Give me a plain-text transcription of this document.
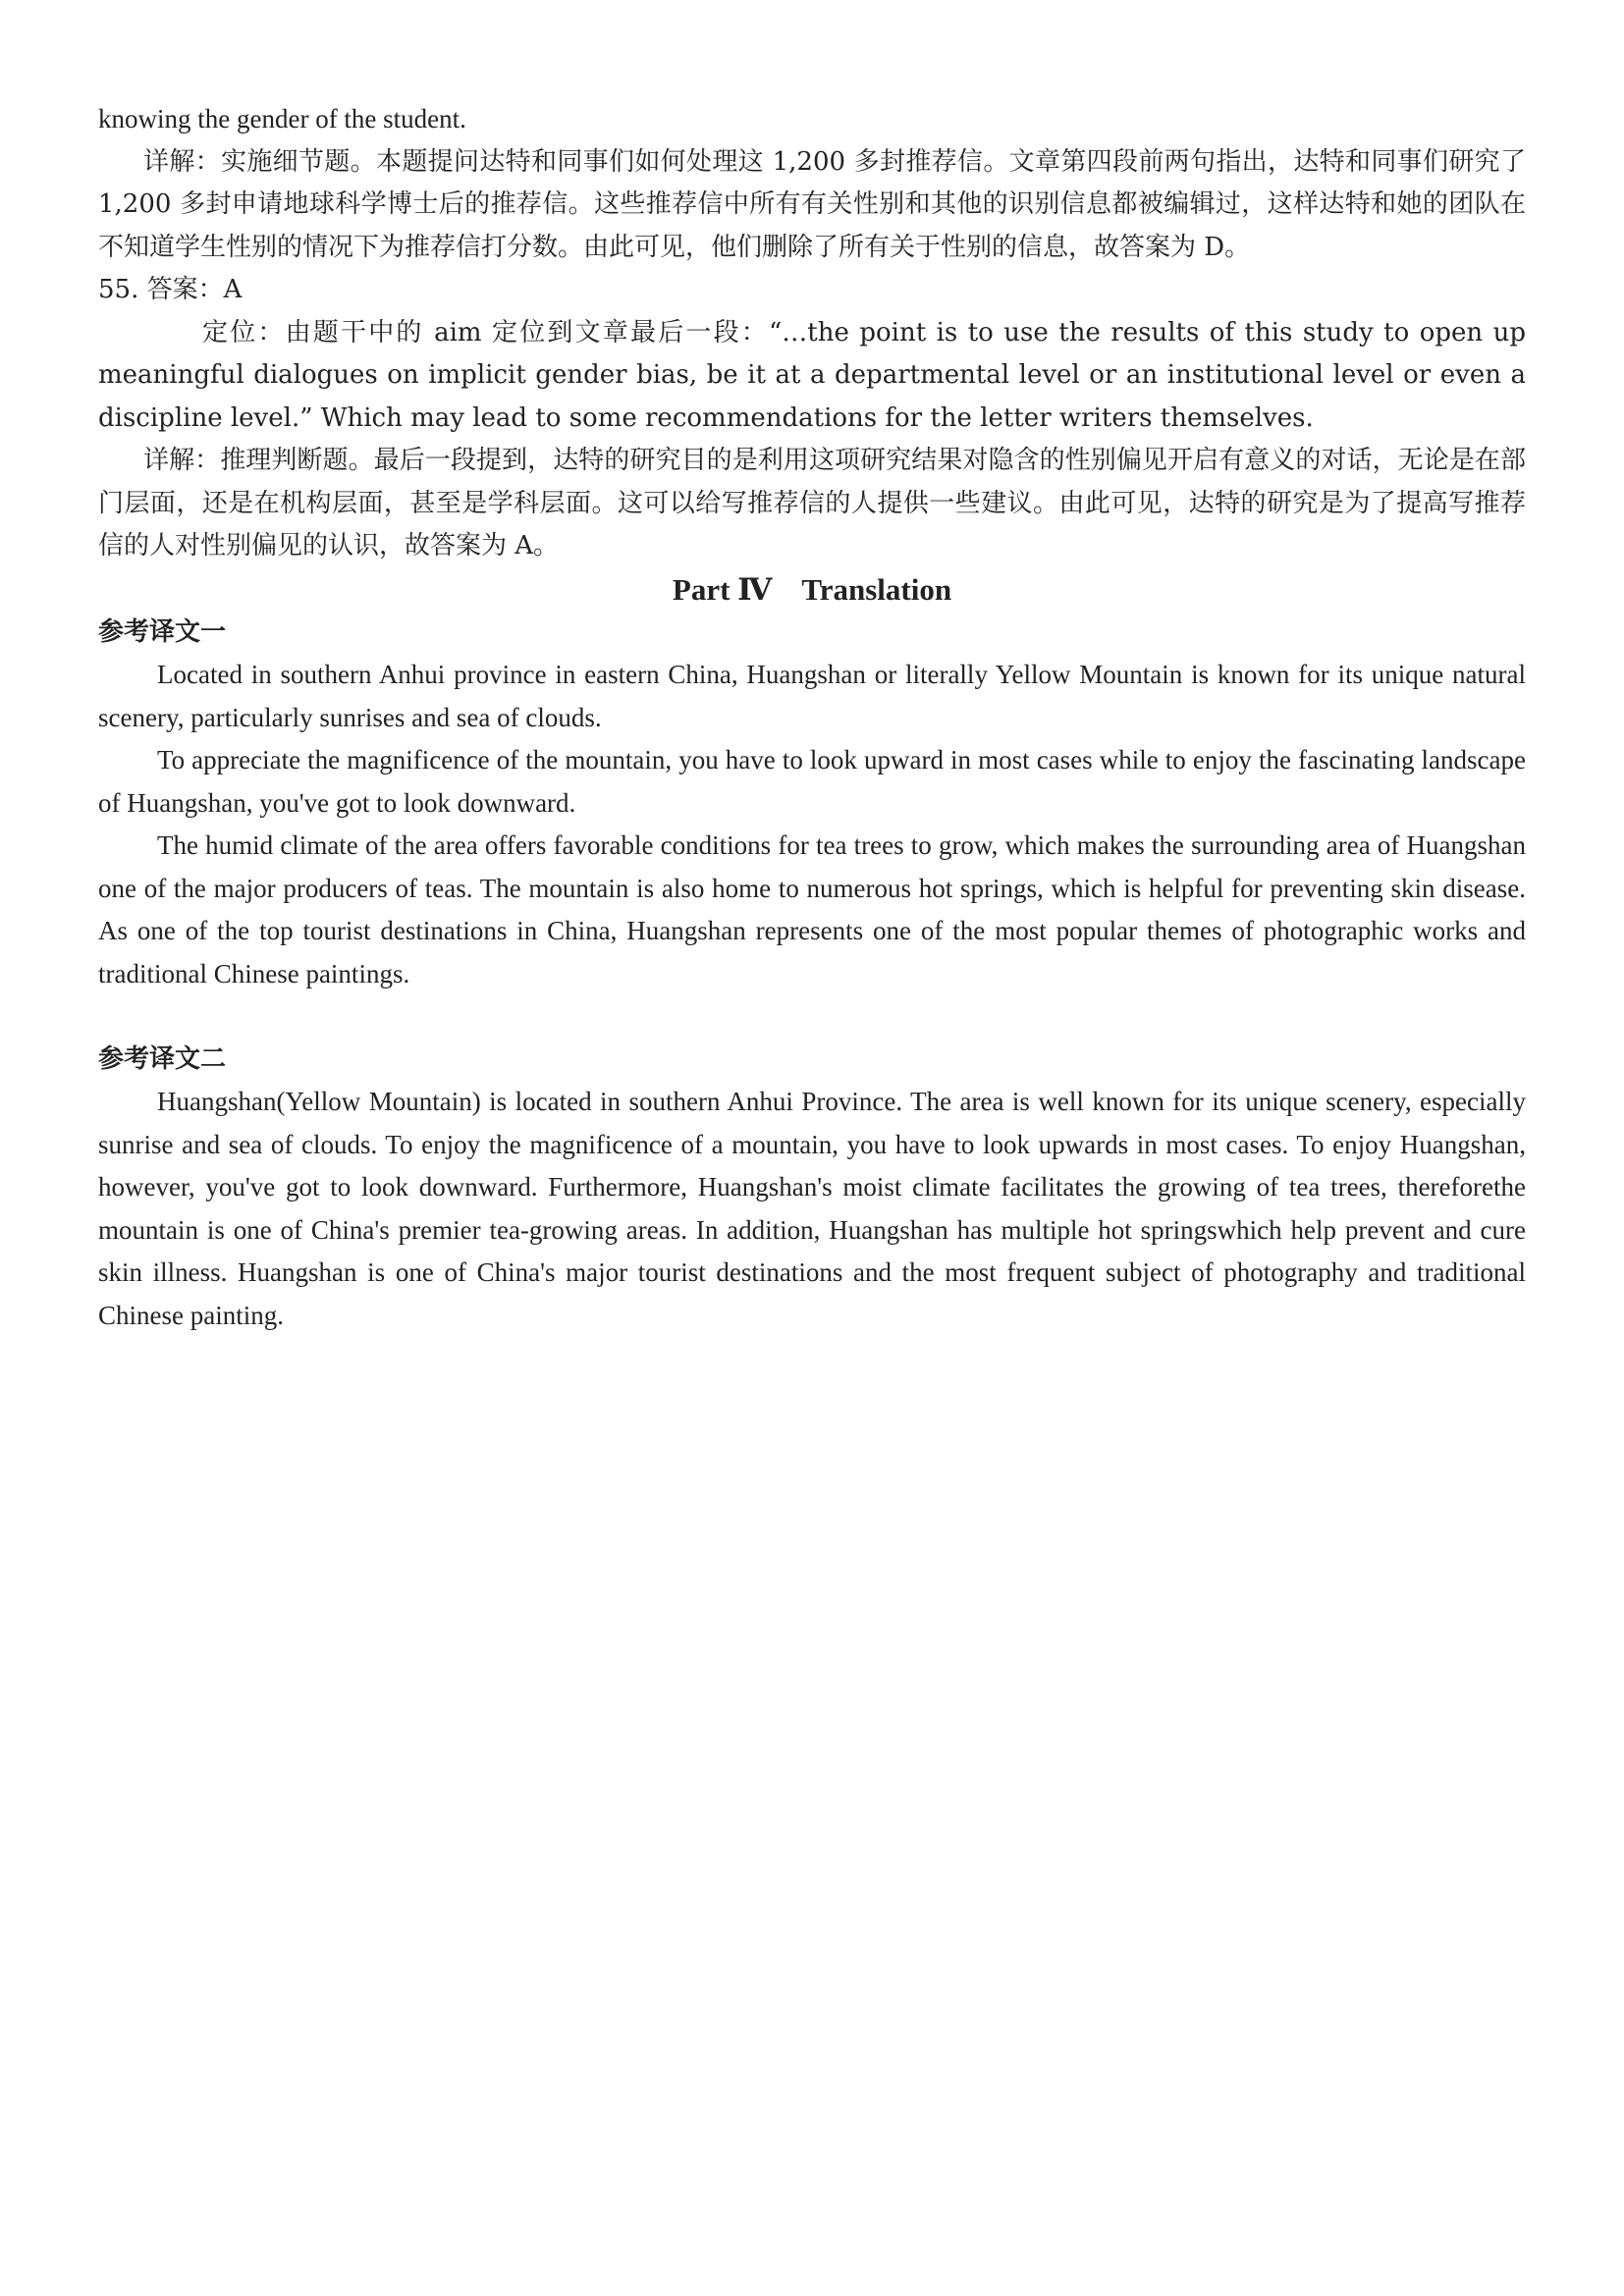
knowing the gender of the student.

详解：实施细节题。本题提问达特和同事们如何处理这 1,200 多封推荐信。文章第四段前两句指出，达特和同事们研究了 1,200 多封申请地球科学博士后的推荐信。这些推荐信中所有有关性别和其他的识别信息都被编辑过，这样达特和她的团队在不知道学生性别的情况下为推荐信打分数。由此可见，他们删除了所有关于性别的信息，故答案为 D。

55. 答案：A

定位：由题干中的 aim 定位到文章最后一段：“…the point is to use the results of this study to open up meaningful dialogues on implicit gender bias, be it at a departmental level or an institutional level or even a discipline level.” Which may lead to some recommendations for the letter writers themselves.

详解：推理判断题。最后一段提到，达特的研究目的是利用这项研究结果对隐含的性别偏见开启有意义的对话，无论是在部门层面，还是在机构层面，甚至是学科层面。这可以给写推荐信的人提供一些建议。由此可见，达特的研究是为了提高写推荐信的人对性别偏见的认识，故答案为 A。

Part Ⅳ Translation
参考译文一

Located in southern Anhui province in eastern China, Huangshan or literally Yellow Mountain is known for its unique natural scenery, particularly sunrises and sea of clouds.

To appreciate the magnificence of the mountain, you have to look upward in most cases while to enjoy the fascinating landscape of Huangshan, you've got to look downward.

The humid climate of the area offers favorable conditions for tea trees to grow, which makes the surrounding area of Huangshan one of the major producers of teas. The mountain is also home to numerous hot springs, which is helpful for preventing skin disease. As one of the top tourist destinations in China, Huangshan represents one of the most popular themes of photographic works and traditional Chinese paintings.

参考译文二

Huangshan(Yellow Mountain) is located in southern Anhui Province. The area is well known for its unique scenery, especially sunrise and sea of clouds. To enjoy the magnificence of a mountain, you have to look upwards in most cases. To enjoy Huangshan, however, you've got to look downward. Furthermore, Huangshan's moist climate facilitates the growing of tea trees, thereforethe mountain is one of China's premier tea-growing areas. In addition, Huangshan has multiple hot springswhich help prevent and cure skin illness. Huangshan is one of China's major tourist destinations and the most frequent subject of photography and traditional Chinese painting.
